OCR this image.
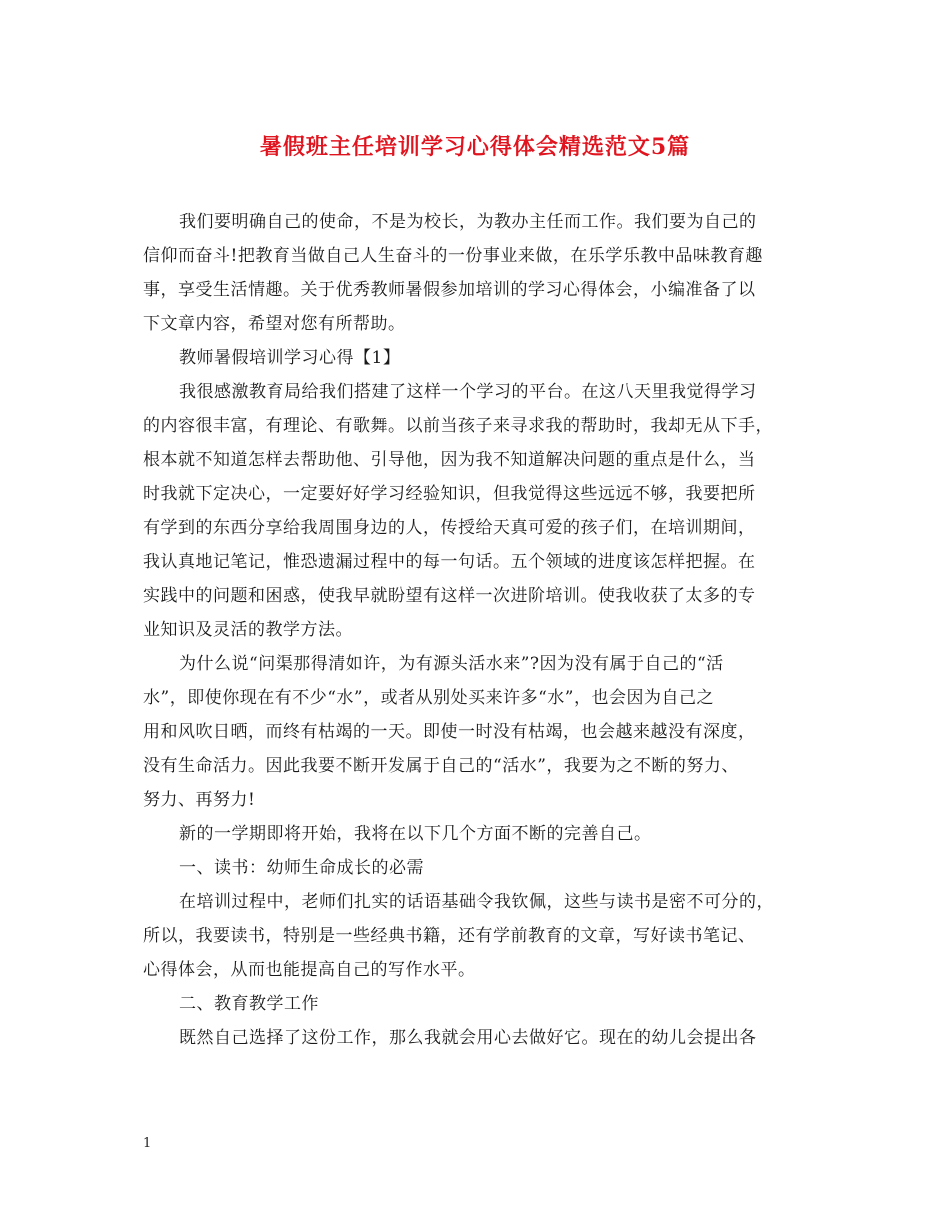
暑假班主任培训学习心得体会精选范文5篇
我们要明确自己的使命，不是为校长，为教办主任而工作。我们要为自己的
信仰而奋斗!把教育当做自己人生奋斗的一份事业来做，在乐学乐教中品味教育趣
事，享受生活情趣。关于优秀教师暑假参加培训的学习心得体会，小编准备了以
下文章内容，希望对您有所帮助。
教师暑假培训学习心得【1】
我很感激教育局给我们搭建了这样一个学习的平台。在这八天里我觉得学习
的内容很丰富，有理论、有歌舞。以前当孩子来寻求我的帮助时，我却无从下手，
根本就不知道怎样去帮助他、引导他，因为我不知道解决问题的重点是什么，当
时我就下定决心，一定要好好学习经验知识，但我觉得这些远远不够，我要把所
有学到的东西分享给我周围身边的人，传授给天真可爱的孩子们，在培训期间，
我认真地记笔记，惟恐遗漏过程中的每一句话。五个领域的进度该怎样把握。在
实践中的问题和困惑，使我早就盼望有这样一次进阶培训。使我收获了太多的专
业知识及灵活的教学方法。
为什么说“问渠那得清如许，为有源头活水来”?因为没有属于自己的“活
水”，即使你现在有不少“水”，或者从别处买来许多“水”，也会因为自己之
用和风吹日晒，而终有枯竭的一天。即使一时没有枯竭，也会越来越没有深度，
没有生命活力。因此我要不断开发属于自己的“活水”，我要为之不断的努力、
努力、再努力!
新的一学期即将开始，我将在以下几个方面不断的完善自己。
一、读书：幼师生命成长的必需
在培训过程中，老师们扎实的话语基础令我钦佩，这些与读书是密不可分的，
所以，我要读书，特别是一些经典书籍，还有学前教育的文章，写好读书笔记、
心得体会，从而也能提高自己的写作水平。
二、教育教学工作
既然自己选择了这份工作，那么我就会用心去做好它。现在的幼儿会提出各
1
